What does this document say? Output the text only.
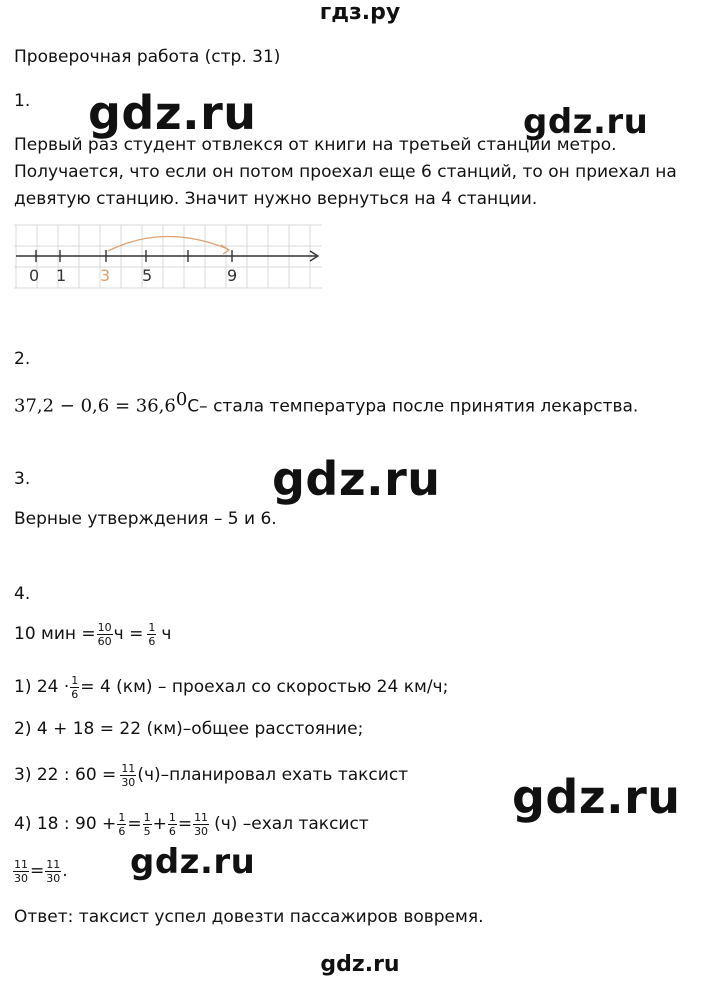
гдз.ру
Проверочная работа (стр. 31)
gdz.ru	gdz.ru
gdz.ru
gdz.ru
gdz.ru
1.
Первый раз студент отвлекся от книги на третьей станции метро.
Получается, что если он потом проехал еще 6 станций, то он приехал на
девятую станцию. Значит нужно вернуться на 4 станции.
0 1 3 5	9
2.
$37,2 - 0,6 = 36,6^0C-$ стала температура после принятия лекарства.
3.
Верные утверждения – 5 и 6.
4.
10 мин = $\frac{10}{60}$ $ч = \frac{1}{6}$ ч
1) $24 \cdot \frac{1}{6} = 4$ (км) – проехал со скоростью 24 км/ч;
2) 4 + 18 = 22 (км)–общее расстояние;
3) 22 : $60 = \frac{11}{30}$ (ч)–планировал ехать таксист
4) 18 : $90 + \frac{1}{6} = \frac{1}{5} + \frac{1}{6} = \frac{11}{30} (ч)$ –ехал таксист
$\frac{11}{30} = \frac{11}{30}$ .
Ответ: таксист успел довезти пассажиров вовремя.
gdz.ru
